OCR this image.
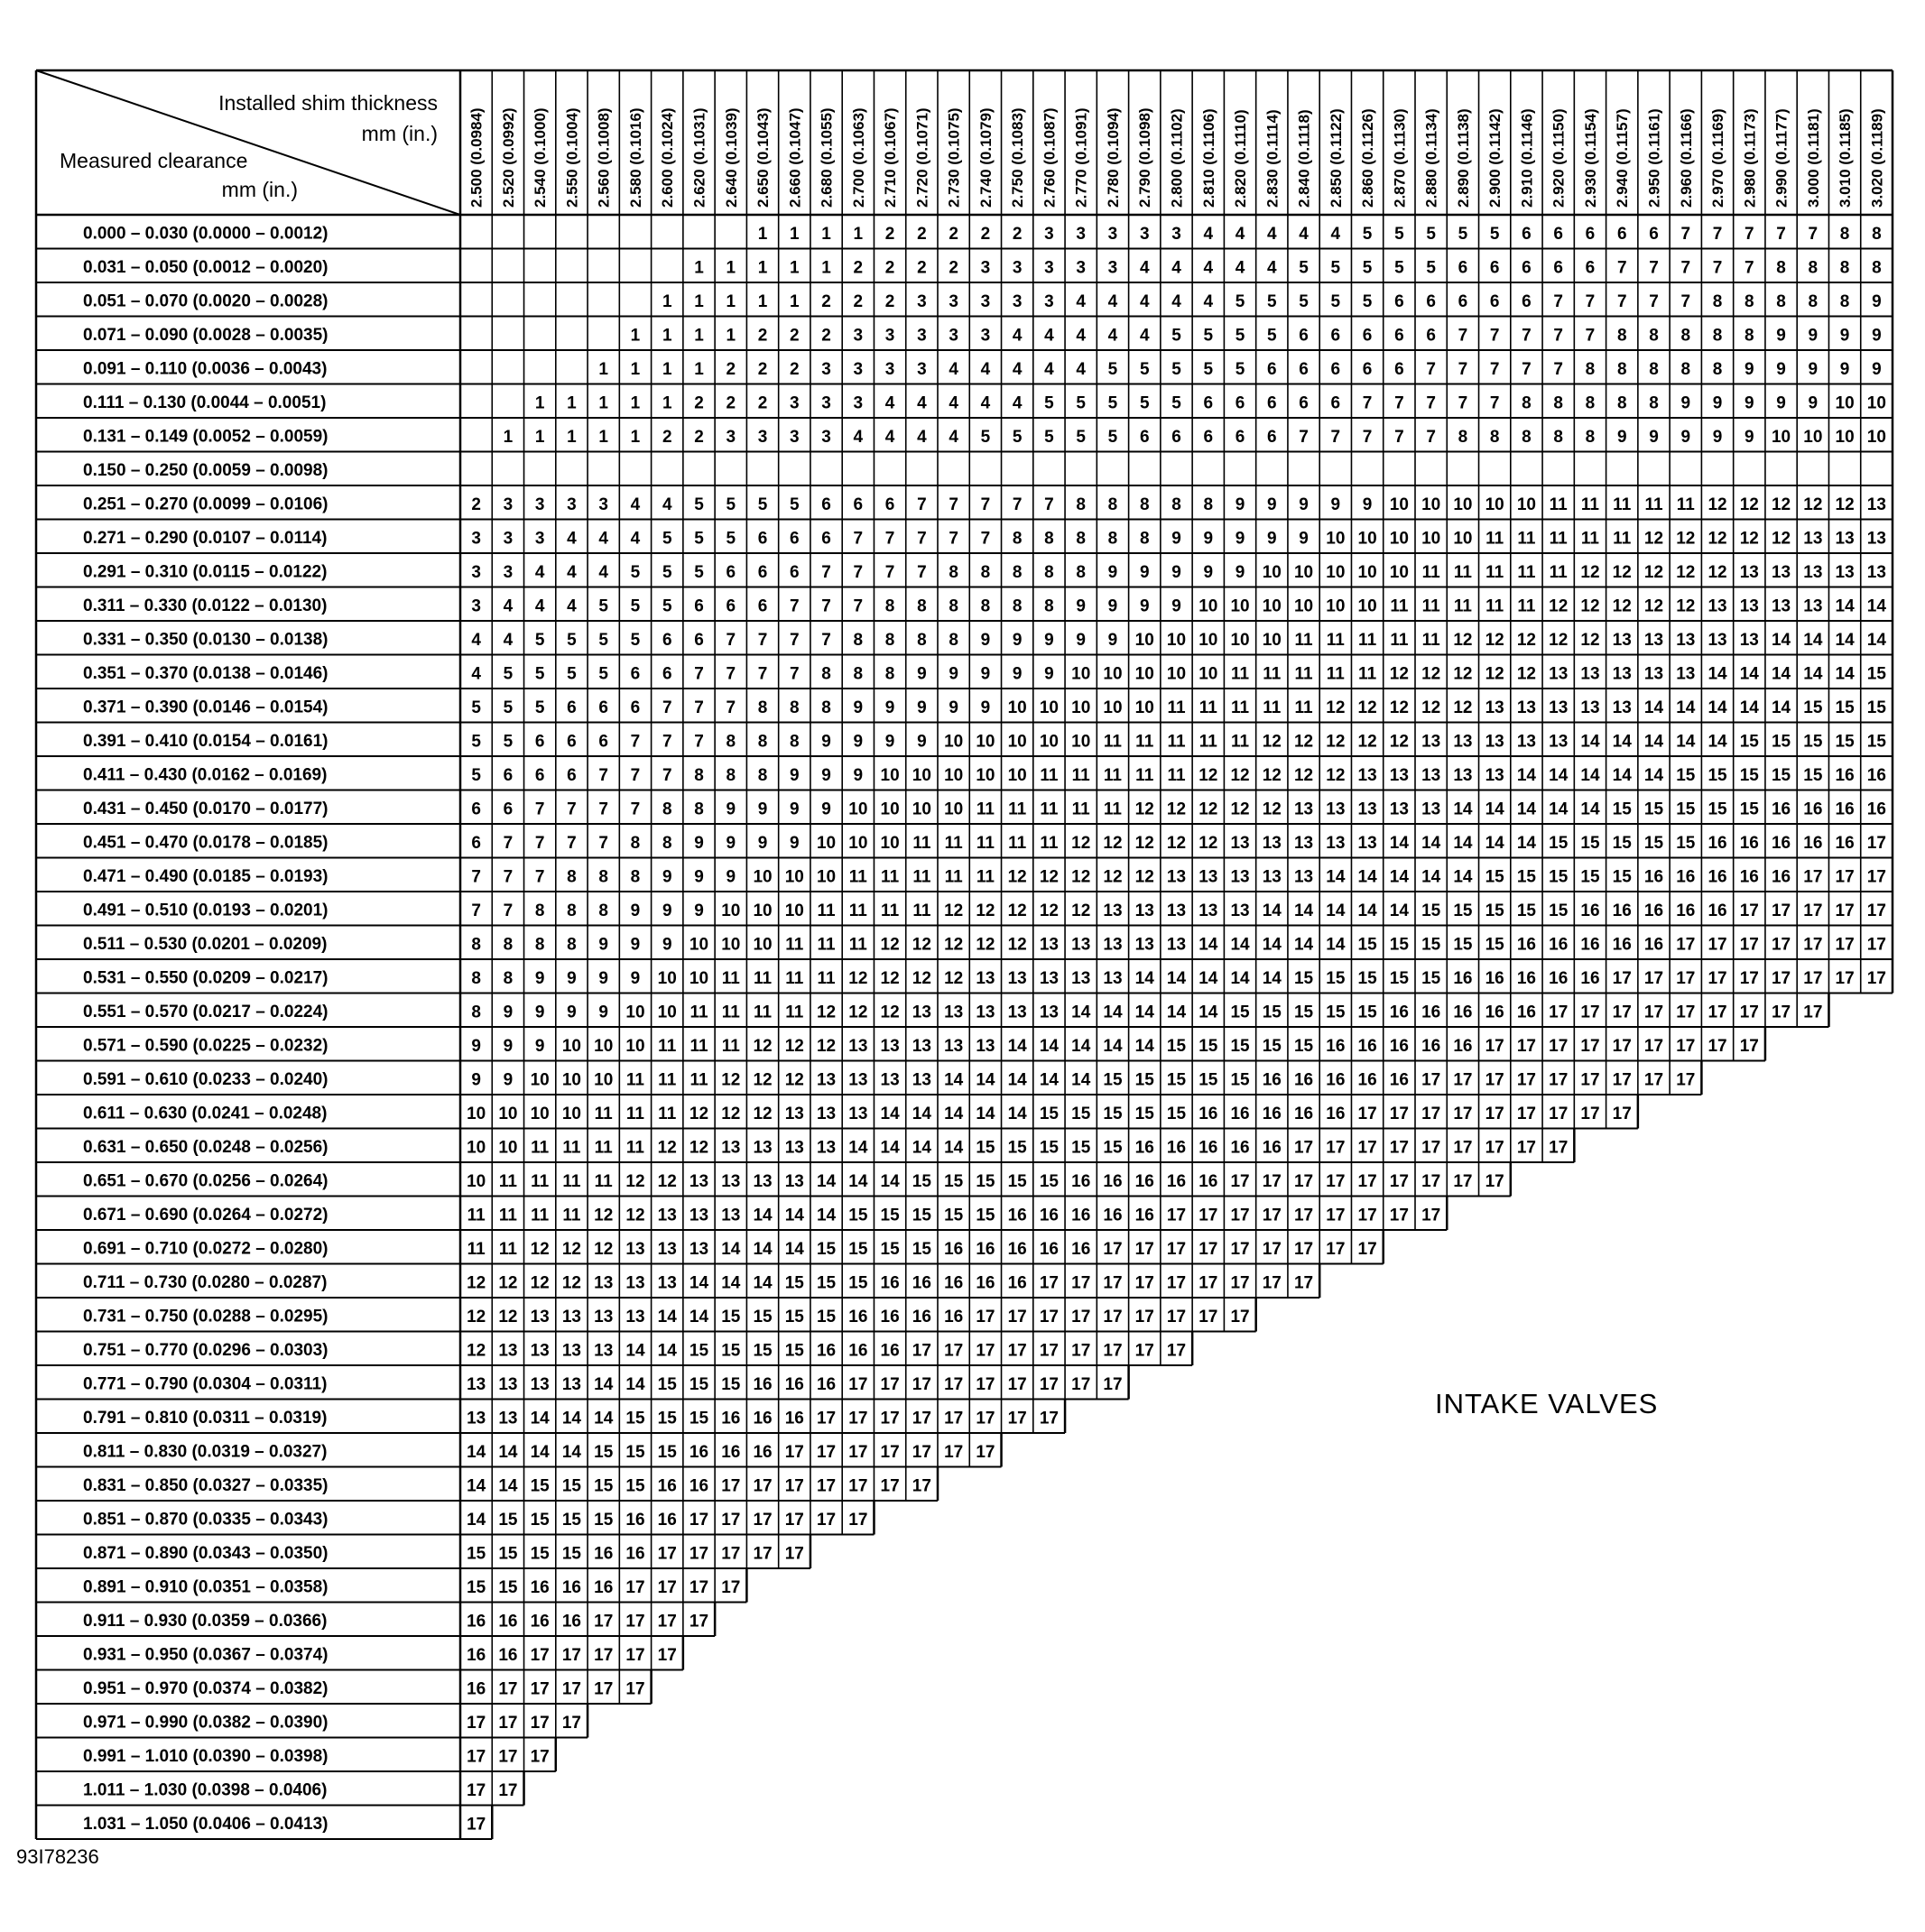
Installed shim thickness
mm (in.)
Measured clearance
mm (in.)	2.500 (0.0984) 2.520 (0.0992) 2.540 (0.1000) 2.550 (0.1004) 2.560 (0.1008) 2.580 (0.1016) 2.600 (0.1024) 2.620 (0.1031) 2.640 (0.1039) 2.650 (0.1043) 2.660 (0.1047) 2.680 (0.1055) 2.700 (0.1063) 2.710 (0.1067) 2.720 (0.1071) 2.730 (0.1075) 2.740 (0.1079) 2.750 (0.1083) 2.760 (0.1087) 2.770 (0.1091) 2.780 (0.1094) 2.790 (0.1098) 2.800 (0.1102) 2.810 (0.1106) 2.820 (0.1110) 2.830 (0.1114) 2.840 (0.1118) 2.850 (0.1122) 2.860 (0.1126) 2.870 (0.1130) 2.880 (0.1134) 2.890 (0.1138) 2.900 (0.1142) 2.910 (0.1146) 2.920 (0.1150) 2.930 (0.1154) 2.940 (0.1157) 2.950 (0.1161) 2.960 (0.1166) 2.970 (0.1169) 2.980 (0.1173) 2.990 (0.1177) 3.000 (0.1181) 3.010 (0.1185) 3.020 (0.1189)
0.000 – 0.030 (0.0000 – 0.0012)
0.031 – 0.050 (0.0012 – 0.0020)
0.051 – 0.070 (0.0020 – 0.0028)
0.071 – 0.090 (0.0028 – 0.0035)
0.091 – 0.110 (0.0036 – 0.0043)
0.111 – 0.130 (0.0044 – 0.0051)
0.131 – 0.149 (0.0052 – 0.0059)
0.150 – 0.250 (0.0059 – 0.0098)
0.251 – 0.270 (0.0099 – 0.0106)
0.271 – 0.290 (0.0107 – 0.0114)
0.291 – 0.310 (0.0115 – 0.0122)
0.311 – 0.330 (0.0122 – 0.0130)
0.331 – 0.350 (0.0130 – 0.0138)
0.351 – 0.370 (0.0138 – 0.0146)
0.371 – 0.390 (0.0146 – 0.0154)
0.391 – 0.410 (0.0154 – 0.0161)
0.411 – 0.430 (0.0162 – 0.0169)
0.431 – 0.450 (0.0170 – 0.0177)
0.451 – 0.470 (0.0178 – 0.0185)
0.471 – 0.490 (0.0185 – 0.0193)
0.491 – 0.510 (0.0193 – 0.0201)
0.511 – 0.530 (0.0201 – 0.0209)
0.531 – 0.550 (0.0209 – 0.0217)
0.551 – 0.570 (0.0217 – 0.0224)
0.571 – 0.590 (0.0225 – 0.0232)
0.591 – 0.610 (0.0233 – 0.0240)
0.611 – 0.630 (0.0241 – 0.0248)
0.631 – 0.650 (0.0248 – 0.0256)
0.651 – 0.670 (0.0256 – 0.0264)
0.671 – 0.690 (0.0264 – 0.0272)
0.691 – 0.710 (0.0272 – 0.0280)
0.711 – 0.730 (0.0280 – 0.0287)
0.731 – 0.750 (0.0288 – 0.0295)
0.751 – 0.770 (0.0296 – 0.0303)
0.771 – 0.790 (0.0304 – 0.0311)
0.791 – 0.810 (0.0311 – 0.0319)
0.811 – 0.830 (0.0319 – 0.0327)
0.831 – 0.850 (0.0327 – 0.0335)
0.851 – 0.870 (0.0335 – 0.0343)
0.871 – 0.890 (0.0343 – 0.0350)
0.891 – 0.910 (0.0351 – 0.0358)
0.911 – 0.930 (0.0359 – 0.0366)
0.931 – 0.950 (0.0367 – 0.0374)
0.951 – 0.970 (0.0374 – 0.0382)
0.971 – 0.990 (0.0382 – 0.0390)
0.991 – 1.010 (0.0390 – 0.0398)
1.011 – 1.030 (0.0398 – 0.0406)
1.031 – 1.050 (0.0406 – 0.0413)
1 1 1 1 2 2 2 2 2 3 3 3 3 3 4 4 4 4 4 5 5 5 5 5 6 6 6 6 6 7 7 7 7 7 8 8
1 1 1 1 1 2 2 2 2 3 3 3 3 3 4 4 4 4 4 5 5 5 5 5 6 6 6 6 6 7 7 7 7 7 8 8 8 8
1 1 1 1 1 2 2 2 3 3 3 3 3 4 4 4 4 4 5 5 5 5 5 6 6 6 6 6 7 7 7 7 7 8 8 8 8 8 9
1 1 1 1 2 2 2 3 3 3 3 3 4 4 4 4 4 5 5 5 5 6 6 6 6 6 7 7 7 7 7 8 8 8 8 8 9 9 9 9
1 1 1 1 2 2 2 3 3 3 3 4 4 4 4 4 5 5 5 5 5 6 6 6 6 6 7 7 7 7 7 8 8 8 8 8 9 9 9 9 9
1 1 1 1 1 2 2 2 3 3 3 4 4 4 4 4 5 5 5 5 5 6 6 6 6 6 7 7 7 7 7 8 8 8 8 8 9 9 9 9 9 10 10
1 1 1 1 1 2 2 3 3 3 3 4 4 4 4 5 5 5 5 5 6 6 6 6 6 7 7 7 7 7 8 8 8 8 8 9 9 9 9 9 10 10 10 10
2 3 3 3 3 4 4 5 5 5 5 6 6 6 7 7 7 7 7 8 8 8 8 8 9 9 9 9 9 10 10 10 10 10 11 11 11 11 11 12 12 12 12 12 13
3 3 3 4 4 4 5 5 5 6 6 6 7 7 7 7 7 8 8 8 8 8 9 9 9 9 9 10 10 10 10 10 11 11 11 11 11 12 12 12 12 12 13 13 13
3 3 4 4 4 5 5 5 6 6 6 7 7 7 7 8 8 8 8 8 9 9 9 9 9 10 10 10 10 10 11 11 11 11 11 12 12 12 12 12 13 13 13 13 13
3 4 4 4 5 5 5 6 6 6 7 7 7 8 8 8 8 8 8 9 9 9 9 10 10 10 10 10 10 11 11 11 11 11 12 12 12 12 12 13 13 13 13 14 14
4 4 5 5 5 5 6 6 7 7 7 7 8 8 8 8 9 9 9 9 9 10 10 10 10 10 11 11 11 11 11 12 12 12 12 12 13 13 13 13 13 14 14 14 14
4 5 5 5 5 6 6 7 7 7 7 8 8 8 9 9 9 9 9 10 10 10 10 10 11 11 11 11 11 12 12 12 12 12 13 13 13 13 13 14 14 14 14 14 15
5 5 5 6 6 6 7 7 7 8 8 8 9 9 9 9 9 10 10 10 10 10 11 11 11 11 11 12 12 12 12 12 13 13 13 13 13 14 14 14 14 14 15 15 15
5 5 6 6 6 7 7 7 8 8 8 9 9 9 9 10 10 10 10 10 11 11 11 11 11 12 12 12 12 12 13 13 13 13 13 14 14 14 14 14 15 15 15 15 15
5 6 6 6 7 7 7 8 8 8 9 9 9 10 10 10 10 10 11 11 11 11 11 12 12 12 12 12 13 13 13 13 13 14 14 14 14 14 15 15 15 15 15 16 16
6 6 7 7 7 7 8 8 9 9 9 9 10 10 10 10 11 11 11 11 11 12 12 12 12 12 13 13 13 13 13 14 14 14 14 14 15 15 15 15 15 16 16 16 16
6 7 7 7 7 8 8 9 9 9 9 10 10 10 11 11 11 11 11 12 12 12 12 12 13 13 13 13 13 14 14 14 14 14 15 15 15 15 15 16 16 16 16 16 17
7 7 7 8 8 8 9 9 9 10 10 10 11 11 11 11 11 12 12 12 12 12 13 13 13 13 13 14 14 14 14 14 15 15 15 15 15 16 16 16 16 16 17 17 17
7 7 8 8 8 9 9 9 10 10 10 11 11 11 11 12 12 12 12 12 13 13 13 13 13 14 14 14 14 14 15 15 15 15 15 16 16 16 16 16 17 17 17 17 17
8 8 8 8 9 9 9 10 10 10 11 11 11 12 12 12 12 12 13 13 13 13 13 14 14 14 14 14 15 15 15 15 15 16 16 16 16 16 17 17 17 17 17 17 17
8 8 9 9 9 9 10 10 11 11 11 11 12 12 12 12 13 13 13 13 13 14 14 14 14 14 15 15 15 15 15 16 16 16 16 16 17 17 17 17 17 17 17 17 17
8 9 9 9 9 10 10 11 11 11 11 12 12 12 13 13 13 13 13 14 14 14 14 14 15 15 15 15 15 16 16 16 16 16 17 17 17 17 17 17 17 17 17
9 9 9 10 10 10 11 11 11 12 12 12 13 13 13 13 13 14 14 14 14 14 15 15 15 15 15 16 16 16 16 16 17 17 17 17 17 17 17 17 17
9 9 10 10 10 11 11 11 12 12 12 13 13 13 13 14 14 14 14 14 15 15 15 15 15 16 16 16 16 16 17 17 17 17 17 17 17 17 17
10 10 10 10 11 11 11 12 12 12 13 13 13 14 14 14 14 14 15 15 15 15 15 16 16 16 16 16 17 17 17 17 17 17 17 17 17
10 10 11 11 11 11 12 12 13 13 13 13 14 14 14 14 15 15 15 15 15 16 16 16 16 16 17 17 17 17 17 17 17 17 17
10 11 11 11 11 12 12 13 13 13 13 14 14 14 15 15 15 15 15 16 16 16 16 16 17 17 17 17 17 17 17 17 17
11 11 11 11 12 12 13 13 13 14 14 14 15 15 15 15 15 16 16 16 16 16 17 17 17 17 17 17 17 17 17
11 11 12 12 12 13 13 13 14 14 14 15 15 15 15 16 16 16 16 16 17 17 17 17 17 17 17 17 17
12 12 12 12 13 13 13 14 14 14 15 15 15 16 16 16 16 16 17 17 17 17 17 17 17 17 17
12 12 13 13 13 13 14 14 15 15 15 15 16 16 16 16 17 17 17 17 17 17 17 17 17
12 13 13 13 13 14 14 15 15 15 15 16 16 16 17 17 17 17 17 17 17 17 17
13 13 13 13 14 14 15 15 15 16 16 16 17 17 17 17 17 17 17 17 17
13 13 14 14 14 15 15 15 16 16 16 17 17 17 17 17 17 17 17
14 14 14 14 15 15 15 16 16 16 17 17 17 17 17 17 17
14 14 15 15 15 15 16 16 17 17 17 17 17 17 17
14 15 15 15 15 16 16 17 17 17 17 17 17
15 15 15 15 16 16 17 17 17 17 17
15 15 16 16 16 17 17 17 17
16 16 16 16 17 17 17 17
16 16 17 17 17 17 17
16 17 17 17 17 17
17 17 17 17
17 17 17
17 17
17
INTAKE VALVES
93I78236
